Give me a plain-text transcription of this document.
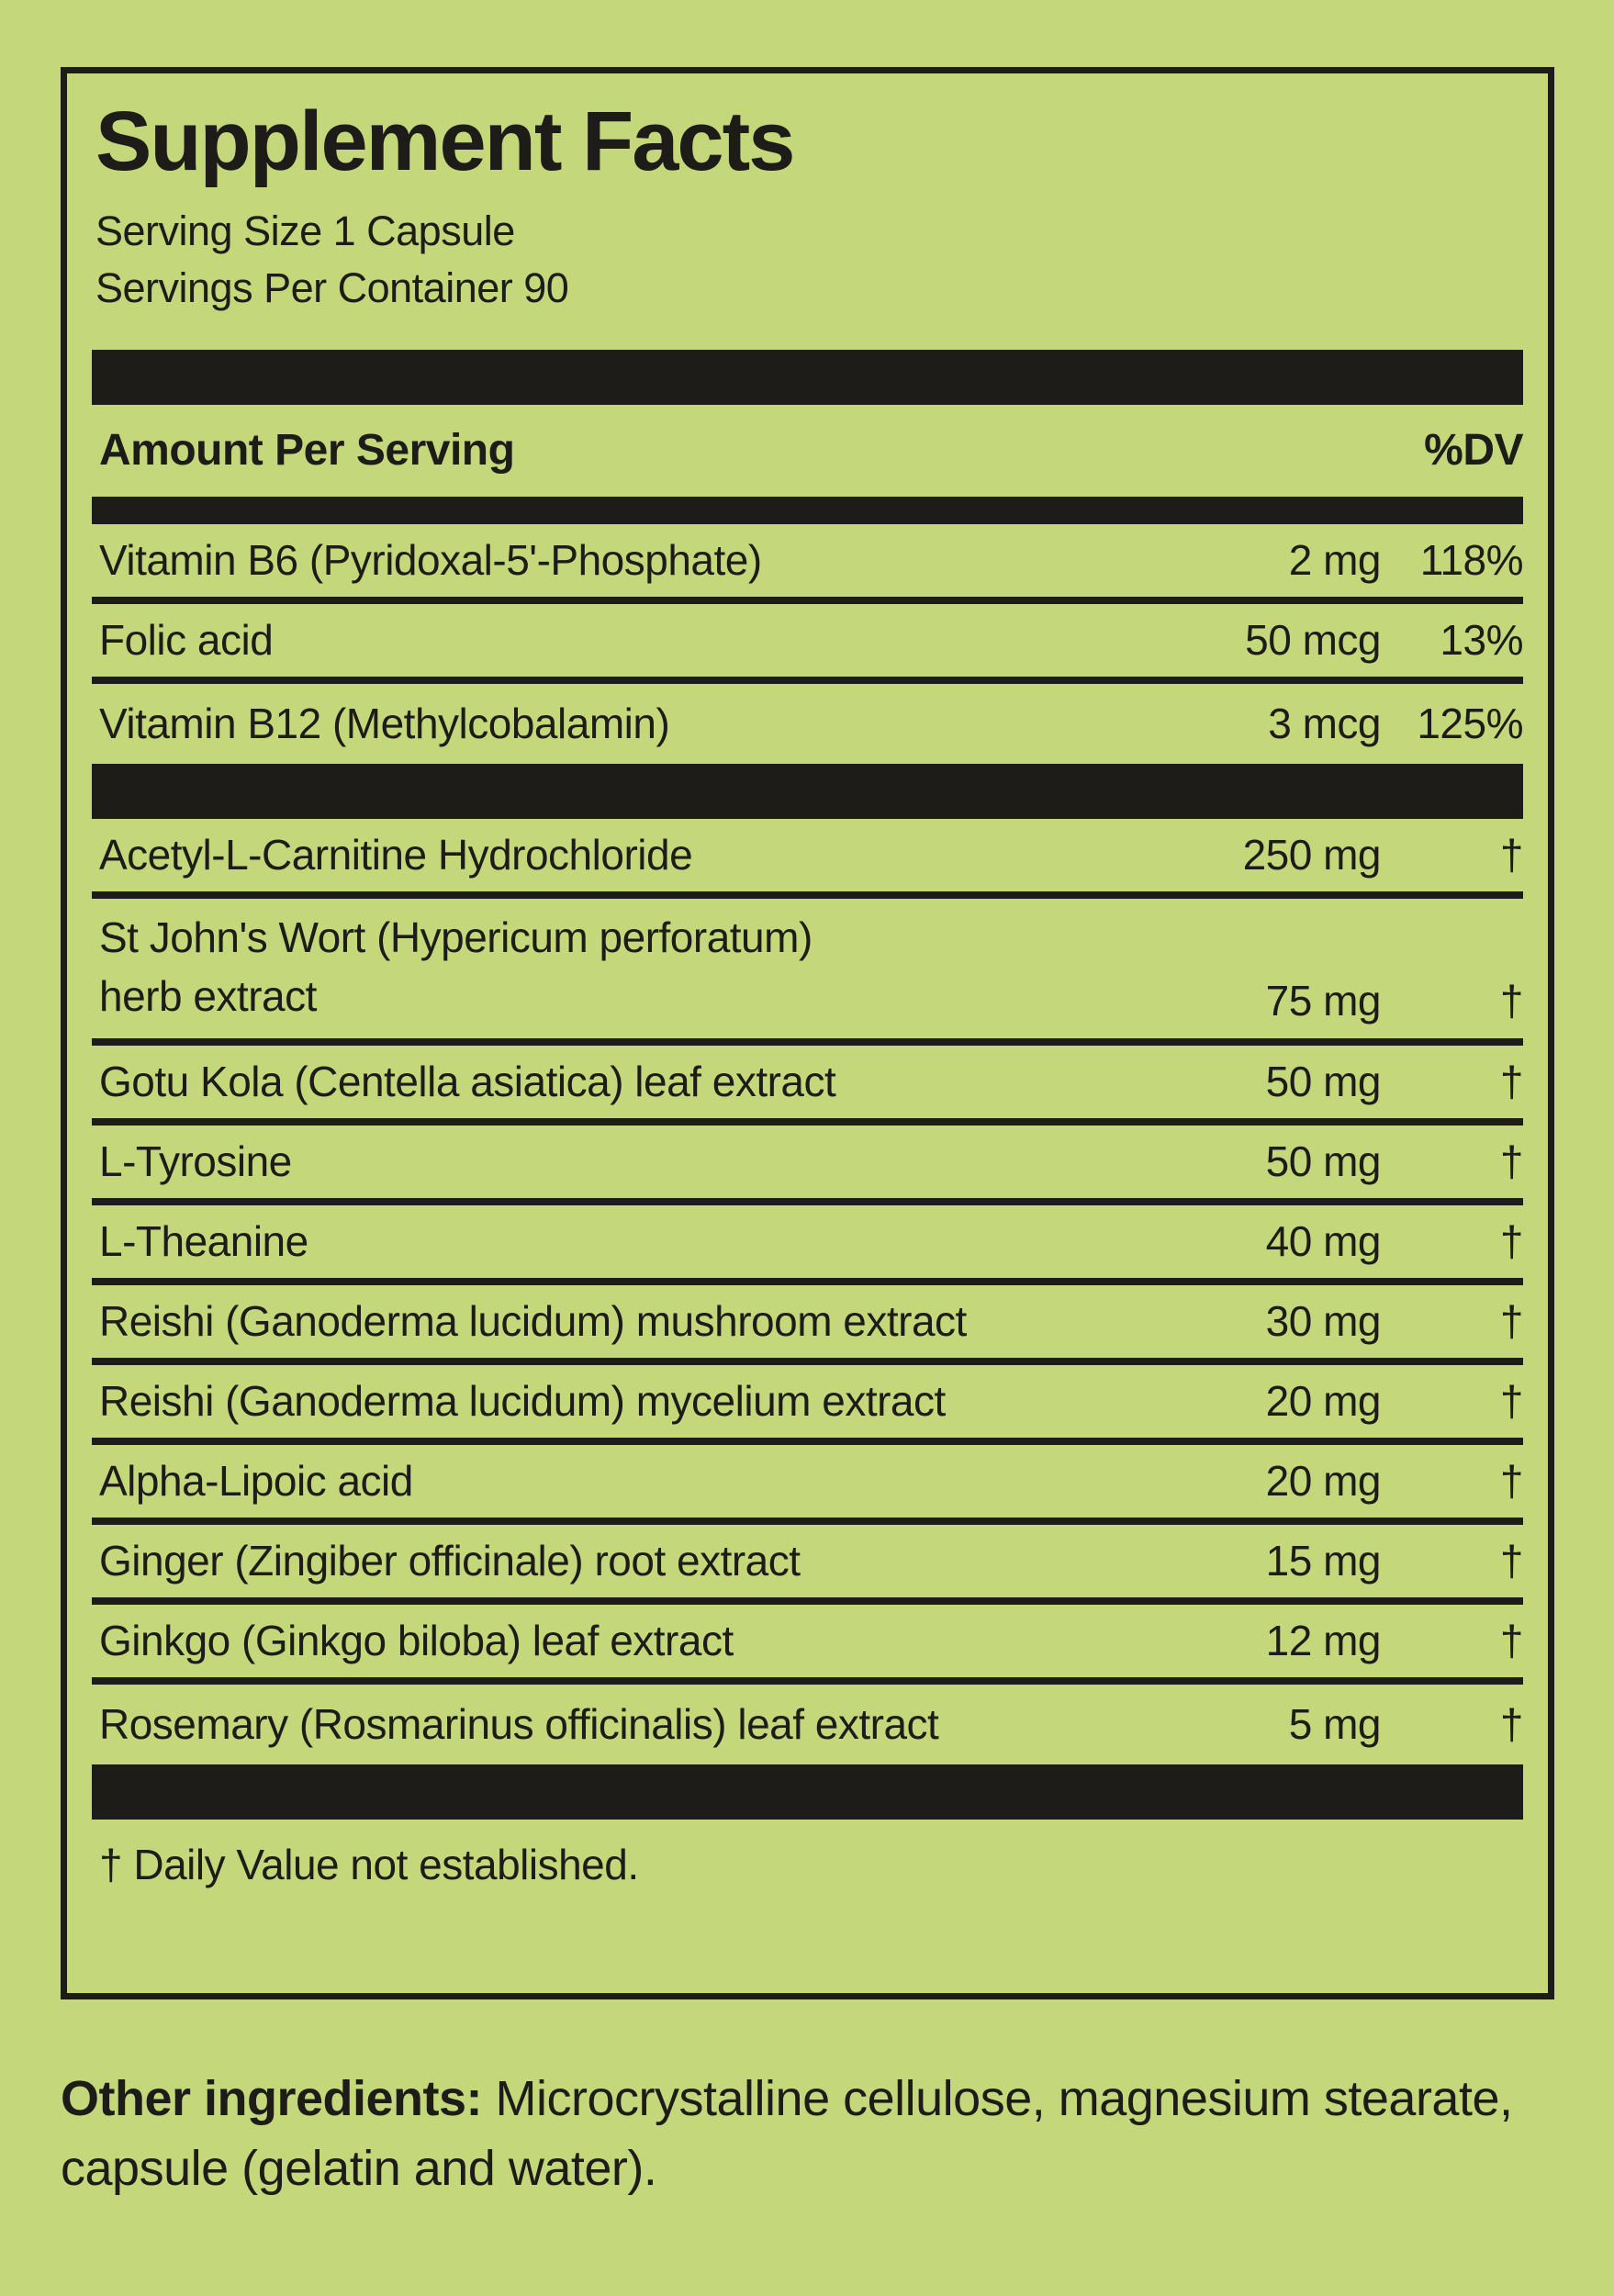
Supplement Facts
Serving Size 1 Capsule
Servings Per Container 90
Amount Per Serving	%DV
Vitamin B6 (Pyridoxal-5'-Phosphate)	2 mg 118%
Folic acid	50 mcg	13%
Vitamin B12 (Methylcobalamin)	3 mcg 125%
Acetyl-L-Carnitine Hydrochloride	250 mg	†
St John's Wort (Hypericum perforatum)
herb extract	75 mg	†
Gotu Kola (Centella asiatica) leaf extract	50 mg	†
L-Tyrosine	50 mg	†
L-Theanine	40 mg	†
Reishi (Ganoderma lucidum) mushroom extract	30 mg	†
Reishi (Ganoderma lucidum) mycelium extract	20 mg	†
Alpha-Lipoic acid	20 mg	†
Ginger (Zingiber officinale) root extract	15 mg	†
Ginkgo (Ginkgo biloba) leaf extract	12 mg	†
Rosemary (Rosmarinus officinalis) leaf extract	5 mg	†
† Daily Value not established.

Other ingredients: Microcrystalline cellulose, magnesium stearate, capsule (gelatin and water).
